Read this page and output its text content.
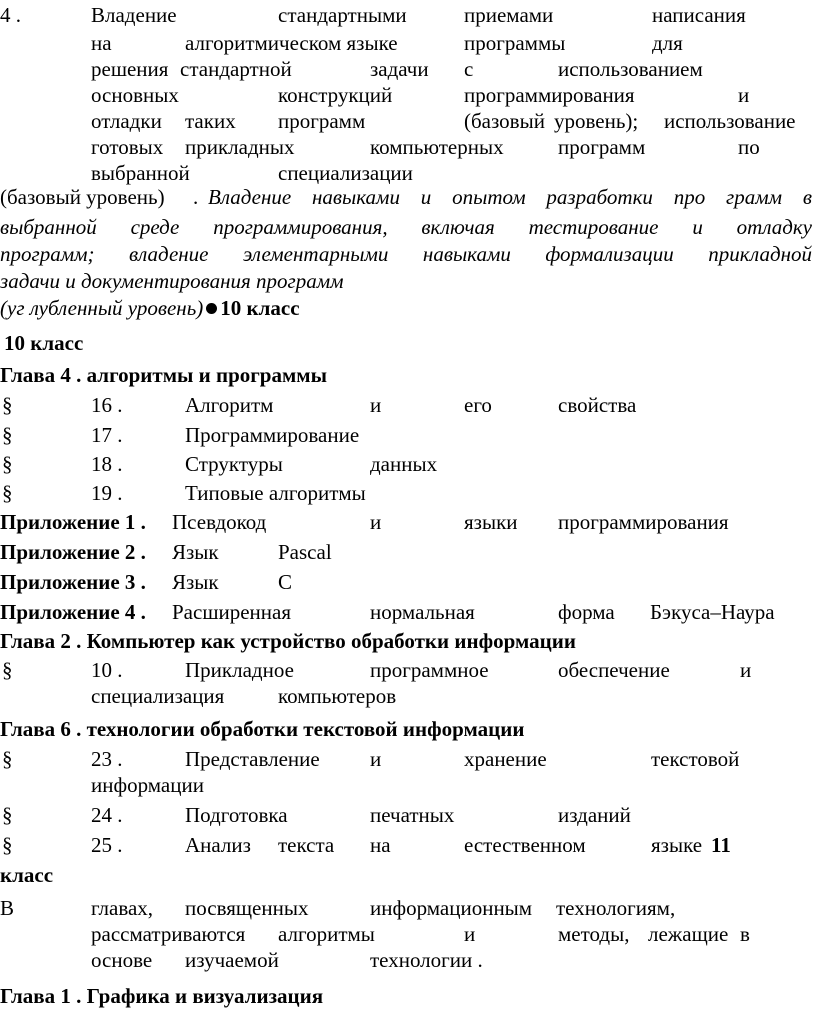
4 .	Владение	стандартными	приемами	написания
на	алгоритмическом языке	программы	для
решения стандартной	задачи с	использованием
основных	конструкций	программирования	и
отладки таких программ	(базовый уровень); использование
готовых прикладных	компьютерных	программ	по
выбранной	специализации
(базовый уровень) . Владение навыками и опытом разработки про грамм в
выбранной среде программирования, включая тестирование и отладку
программ; владение элементарными навыками формализации прикладной
задачи и документирования программ
(уг лубленный уровень) 10 класс
10 класс
Глава 4 . алгоритмы и программы
§	16 .	Алгоритм	и	его	свойства
§	17 .	Программирование
§	18 .	Структуры	данных
§	19 .	Типовые алгоритмы
Приложение 1 . Псевдокод	и	языки программирования
Приложение 2 . Язык	Pascal
Приложение 3 . Язык	C
Приложение 4 . Расширенная	нормальная	форма Бэкуса–Наура
Глава 2 . Компьютер как устройство обработки информации
§	10 .	Прикладное	программное	обеспечение	и
специализация	компьютеров
Глава 6 . технологии обработки текстовой информации
§	23 .	Представление и	хранение	текстовой
информации
§	24 .	Подготовка	печатных	изданий
§	25 .	Анализ текста на	естественном	языке 11
класс
В	главах, посвященных	информационным технологиям,
рассматриваются алгоритмы	и	методы, лежащие в
основе изучаемой	технологии .
Глава 1 . Графика и визуализация
